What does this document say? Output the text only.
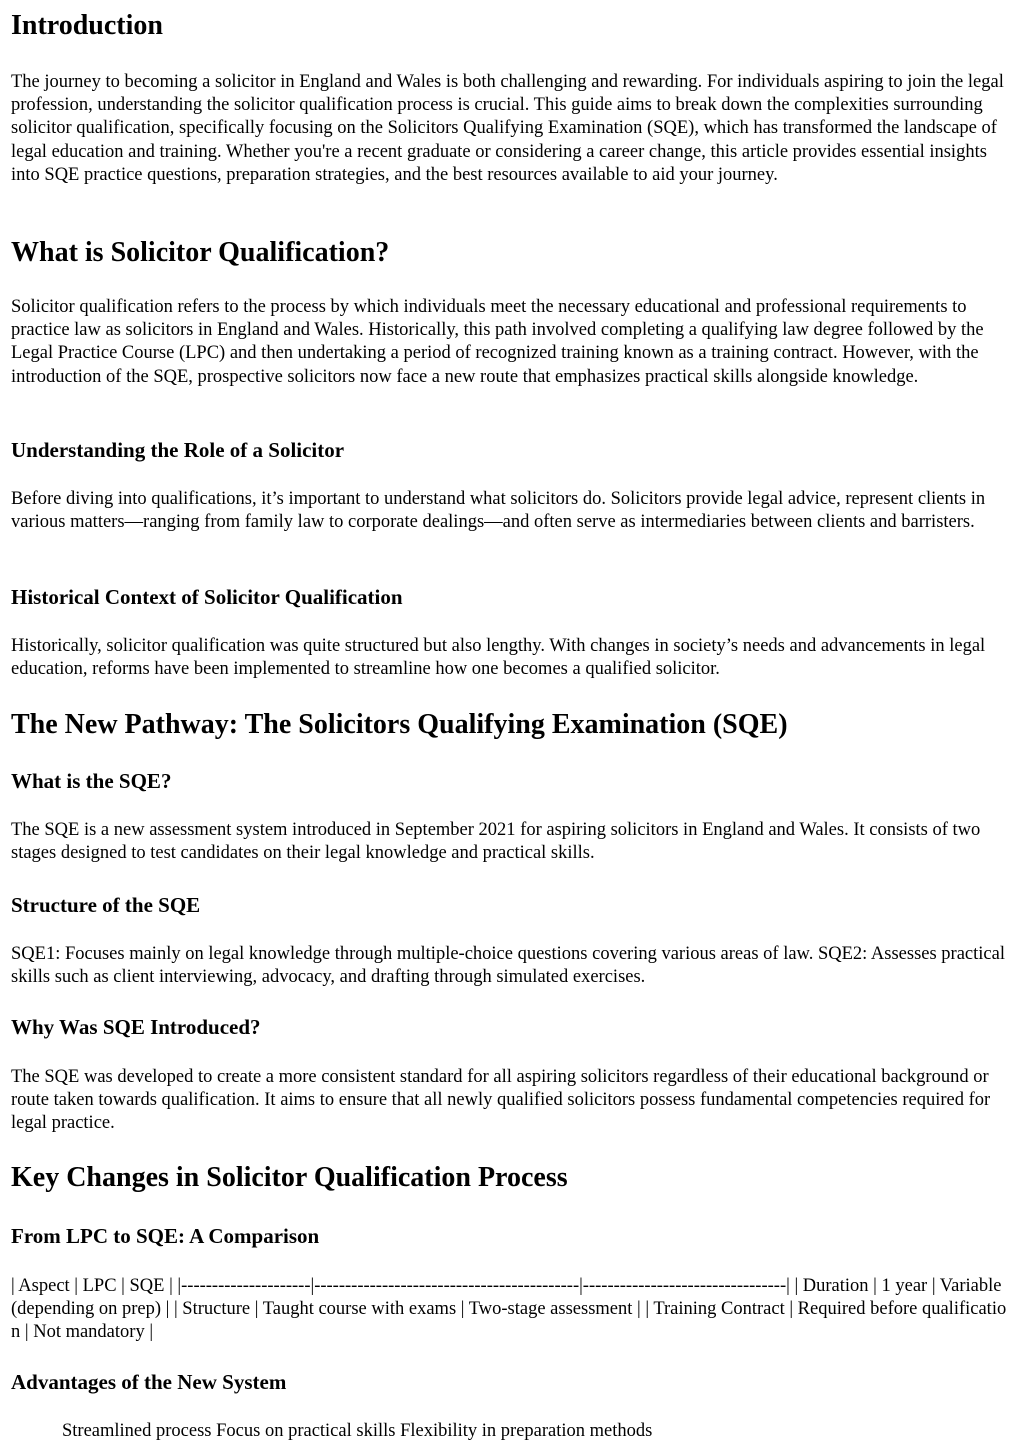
Introduction

The journey to becoming a solicitor in England and Wales is both challenging and rewarding. For individuals aspiring to join the legal profession, understanding the solicitor qualification process is crucial. This guide aims to break down the complexities surrounding solicitor qualification, specifically focusing on the Solicitors Qualifying Examination (SQE), which has transformed the landscape of legal education and training. Whether you're a recent graduate or considering a career change, this article provides essential insights into SQE practice questions, preparation strategies, and the best resources available to aid your journey.

What is Solicitor Qualification?

Solicitor qualification refers to the process by which individuals meet the necessary educational and professional requirements to practice law as solicitors in England and Wales. Historically, this path involved completing a qualifying law degree followed by the Legal Practice Course (LPC) and then undertaking a period of recognized training known as a training contract. However, with the introduction of the SQE, prospective solicitors now face a new route that emphasizes practical skills alongside knowledge.

Understanding the Role of a Solicitor

Before diving into qualifications, it’s important to understand what solicitors do. Solicitors provide legal advice, represent clients in various matters—ranging from family law to corporate dealings—and often serve as intermediaries between clients and barristers.

Historical Context of Solicitor Qualification

Historically, solicitor qualification was quite structured but also lengthy. With changes in society’s needs and advancements in legal education, reforms have been implemented to streamline how one becomes a qualified solicitor.

The New Pathway: The Solicitors Qualifying Examination (SQE)
What is the SQE?

The SQE is a new assessment system introduced in September 2021 for aspiring solicitors in England and Wales. It consists of two stages designed to test candidates on their legal knowledge and practical skills.

Structure of the SQE

SQE1: Focuses mainly on legal knowledge through multiple-choice questions covering various areas of law. SQE2: Assesses practical skills such as client interviewing, advocacy, and drafting through simulated exercises.

Why Was SQE Introduced?

The SQE was developed to create a more consistent standard for all aspiring solicitors regardless of their educational background or route taken towards qualification. It aims to ensure that all newly qualified solicitors possess fundamental competencies required for legal practice.

Key Changes in Solicitor Qualification Process
From LPC to SQE: A Comparison

| Aspect | LPC | SQE | |---------------------|-------------------------------------------|---------------------------------| | Duration | 1 year | Variable (depending on prep) | | Structure | Taught course with exams | Two-stage assessment | | Training Contract | Required before qualification | Not mandatory |

Advantages of the New System
Streamlined process Focus on practical skills Flexibility in preparation methods
